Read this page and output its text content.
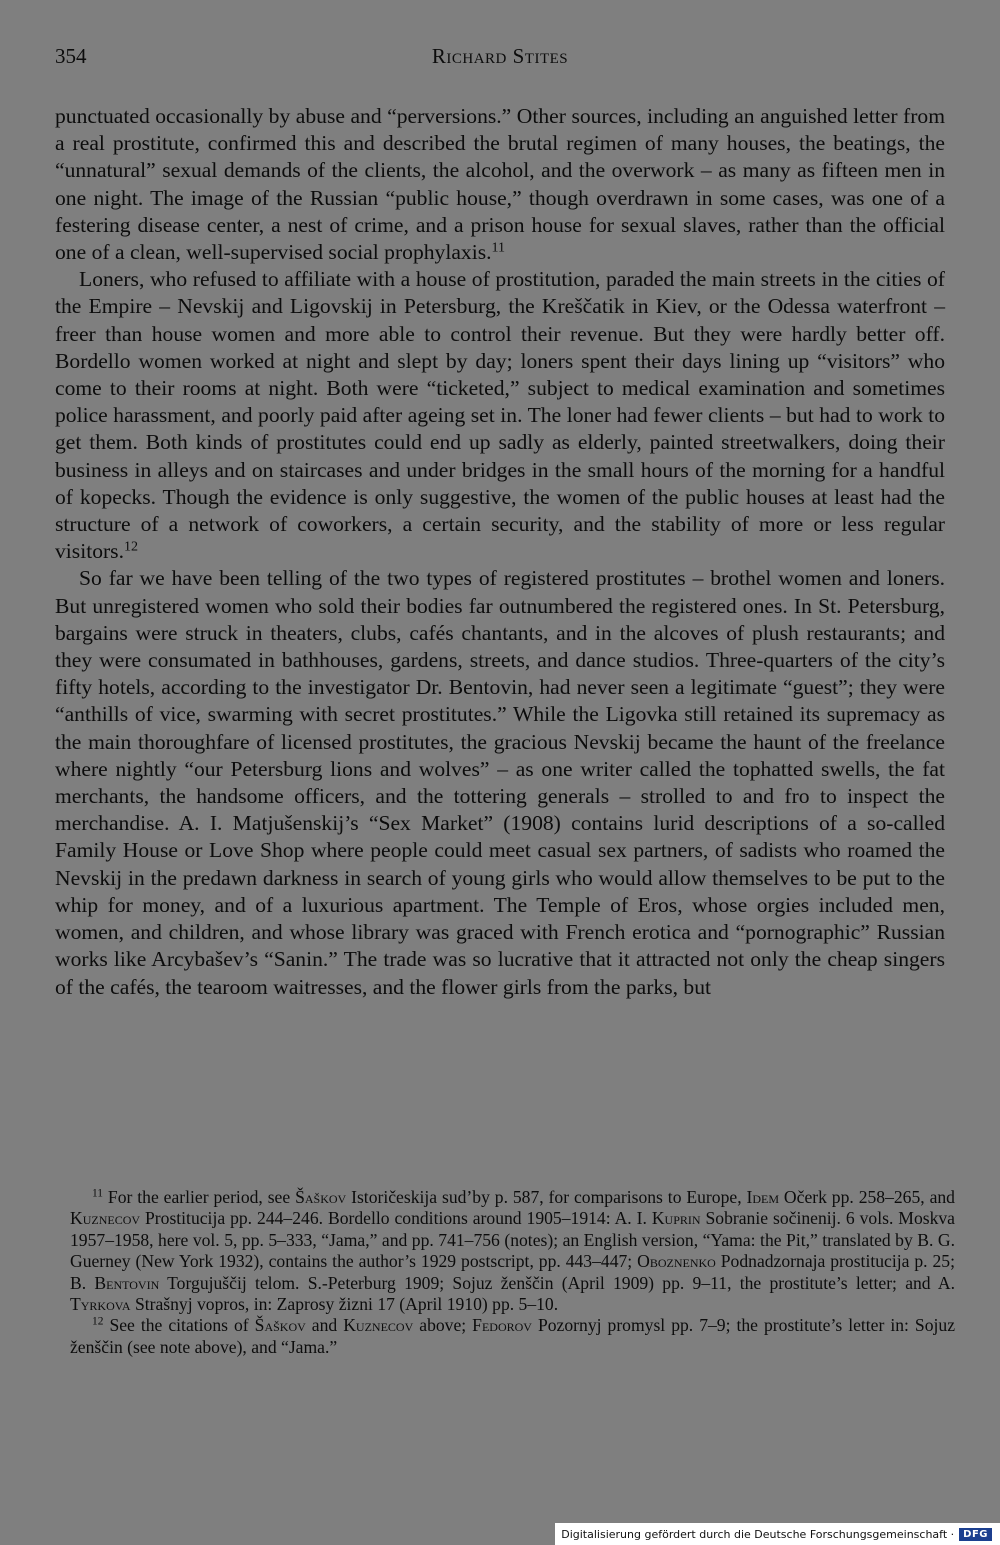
354	Richard Stites

punctuated occasionally by abuse and “perversions.” Other sources, including an anguished letter from a real prostitute, confirmed this and described the brutal regimen of many houses, the beatings, the “unnatural” sexual demands of the clients, the alcohol, and the overwork – as many as fifteen men in one night. The image of the Russian “public house,” though overdrawn in some cases, was one of a festering disease center, a nest of crime, and a prison house for sexual slaves, rather than the official one of a clean, well-supervised social prophylaxis.$^{11}$

Loners, who refused to affiliate with a house of prostitution, paraded the main streets in the cities of the Empire – Nevskij and Ligovskij in Petersburg, the Kreščatik in Kiev, or the Odessa waterfront – freer than house women and more able to control their revenue. But they were hardly better off. Bordello women worked at night and slept by day; loners spent their days lining up “visitors” who come to their rooms at night. Both were “ticketed,” subject to medical examination and sometimes police harassment, and poorly paid after ageing set in. The loner had fewer clients – but had to work to get them. Both kinds of prostitutes could end up sadly as elderly, painted streetwalkers, doing their business in alleys and on staircases and under bridges in the small hours of the morning for a handful of kopecks. Though the evidence is only suggestive, the women of the public houses at least had the structure of a network of coworkers, a certain security, and the stability of more or less regular visitors.$^{12}$

So far we have been telling of the two types of registered prostitutes – brothel women and loners. But unregistered women who sold their bodies far outnumbered the registered ones. In St. Petersburg, bargains were struck in theaters, clubs, cafés chantants, and in the alcoves of plush restaurants; and they were consumated in bathhouses, gardens, streets, and dance studios. Three-quarters of the city’s fifty hotels, according to the investigator Dr. Bentovin, had never seen a legitimate “guest”; they were “anthills of vice, swarming with secret prostitutes.” While the Ligovka still retained its supremacy as the main thoroughfare of licensed prostitutes, the gracious Nevskij became the haunt of the freelance where nightly “our Petersburg lions and wolves” – as one writer called the tophatted swells, the fat merchants, the handsome officers, and the tottering generals – strolled to and fro to inspect the merchandise. A. I. Matjušenskij’s “Sex Market” (1908) contains lurid descriptions of a so-called Family House or Love Shop where people could meet casual sex partners, of sadists who roamed the Nevskij in the predawn darkness in search of young girls who would allow themselves to be put to the whip for money, and of a luxurious apartment. The Temple of Eros, whose orgies included men, women, and children, and whose library was graced with French erotica and “pornographic” Russian works like Arcybašev’s “Sanin.” The trade was so lucrative that it attracted not only the cheap singers of the cafés, the tearoom waitresses, and the flower girls from the parks, but

$^{11}$ For the earlier period, see Šaškov Istoričeskija sud’by p. 587, for comparisons to Europe, Idem Očerk pp. 258–265, and Kuznecov Prostitucija pp. 244–246. Bordello conditions around 1905–1914: A. I. Kuprin Sobranie sočinenij. 6 vols. Moskva 1957–1958, here vol. 5, pp. 5–333, “Jama,” and pp. 741–756 (notes); an English version, “Yama: the Pit,” translated by B. G. Guerney (New York 1932), contains the author’s 1929 postscript, pp. 443–447; Oboznenko Podnadzornaja prostitucija p. 25; B. Bentovin Torgujuščij telom. S.-Peterburg 1909; Sojuz ženščin (April 1909) pp. 9–11, the prostitute’s letter; and A. Tyrkova Strašnyj vopros, in: Zaprosy žizni 17 (April 1910) pp. 5–10.

$^{12}$ See the citations of Šaškov and Kuznecov above; Fedorov Pozornyj promysl pp. 7–9; the prostitute’s letter in: Sojuz ženščin (see note above), and “Jama.”

Digitalisierung gefördert durch die Deutsche Forschungsgemeinschaft · DFG
